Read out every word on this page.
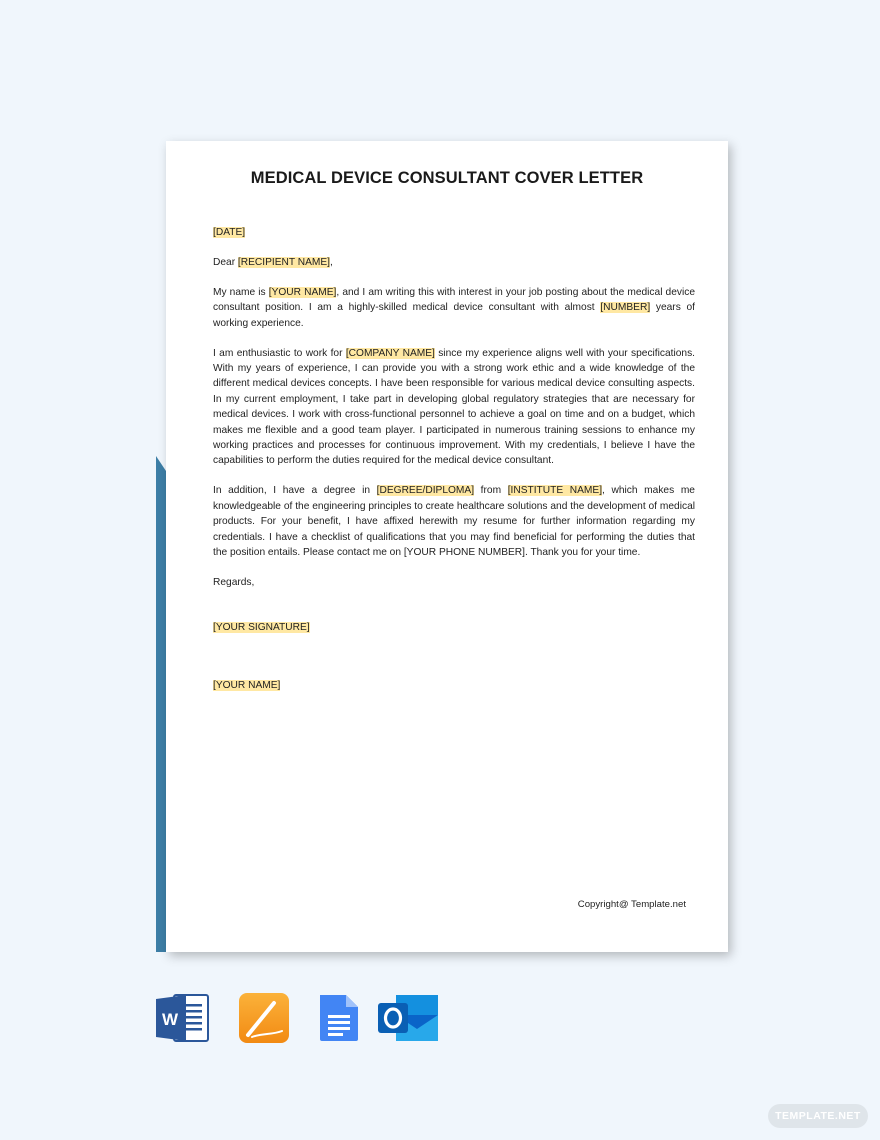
MEDICAL DEVICE CONSULTANT COVER LETTER

[DATE]

Dear [RECIPIENT NAME],

My name is [YOUR NAME], and I am writing this with interest in your job posting about the medical device consultant position. I am a highly-skilled medical device consultant with almost [NUMBER] years of working experience.

I am enthusiastic to work for [COMPANY NAME] since my experience aligns well with your specifications. With my years of experience, I can provide you with a strong work ethic and a wide knowledge of the different medical devices concepts. I have been responsible for various medical device consulting aspects. In my current employment, I take part in developing global regulatory strategies that are necessary for medical devices. I work with cross-functional personnel to achieve a goal on time and on a budget, which makes me flexible and a good team player. I participated in numerous training sessions to enhance my working practices and processes for continuous improvement. With my credentials, I believe I have the capabilities to perform the duties required for the medical device consultant.

In addition, I have a degree in [DEGREE/DIPLOMA] from [INSTITUTE NAME], which makes me knowledgeable of the engineering principles to create healthcare solutions and the development of medical products. For your benefit, I have affixed herewith my resume for further information regarding my credentials. I have a checklist of qualifications that you may find beneficial for performing the duties that the position entails. Please contact me on [YOUR PHONE NUMBER]. Thank you for your time.

Regards,
[YOUR SIGNATURE]
[YOUR NAME]
Copyright@ Template.net
W
TEMPLATE.NET
